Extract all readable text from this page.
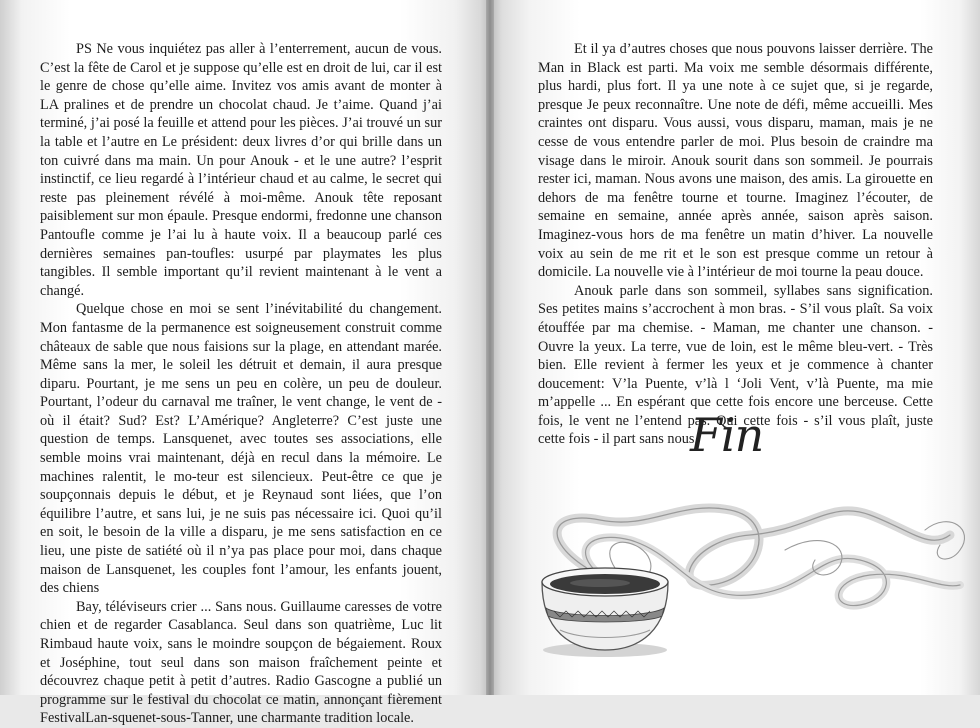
PS Ne vous inquiétez pas aller à l’enterrement, aucun de vous. C’est la fête de Carol et je suppose qu’elle est en droit de lui, car il est le genre de chose qu’elle aime. Invitez vos amis avant de monter à LA pralines et de prendre un chocolat chaud. Je t’aime. Quand j’ai terminé, j’ai posé la feuille et attend pour les pièces. J’ai trouvé un sur la table et l’autre en Le président: deux livres d’or qui brille dans un ton cuivré dans ma main. Un pour Anouk - et le une autre? l’esprit instinctif, ce lieu regardé à l’intérieur chaud et au calme, le secret qui reste pas pleinement révélé à moi-même. Anouk tête reposant paisiblement sur mon épaule. Presque endormi, fredonne une chanson Pantoufle comme je l’ai lu à haute voix. Il a beaucoup parlé ces dernières semaines pan-toufles: usurpé par playmates les plus tangibles. Il semble important qu’il revient maintenant à le vent a changé.

Quelque chose en moi se sent l’inévitabilité du changement. Mon fantasme de la permanence est soigneusement construit comme châteaux de sable que nous faisions sur la plage, en attendant marée. Même sans la mer, le soleil les détruit et demain, il aura presque diparu. Pourtant, je me sens un peu en colère, un peu de douleur. Pourtant, l’odeur du carnaval me traîner, le vent change, le vent de - où il était? Sud? Est? L’Amérique? Angleterre? C’est juste une question de temps. Lansquenet, avec toutes ses associations, elle semble moins vrai maintenant, déjà en recul dans la mémoire. Le machines ralentit, le mo-teur est silencieux. Peut-être ce que je soupçonnais depuis le début, et je Reynaud sont liées, que l’on équilibre l’autre, et sans lui, je ne suis pas nécessaire ici. Quoi qu’il en soit, le besoin de la ville a disparu, je me sens satisfaction en ce lieu, une piste de satiété où il n’ya pas place pour moi, dans chaque maison de Lansquenet, les couples font l’amour, les enfants jouent, des chiens

Bay, téléviseurs crier ... Sans nous. Guillaume caresses de votre chien et de regarder Casablanca. Seul dans son quatrième, Luc lit Rimbaud haute voix, sans le moindre soupçon de bégaiement. Roux et Joséphine, tout seul dans son maison fraîchement peinte et découvrez chaque petit à petit d’autres. Radio Gascogne a publié un programme sur le festival du chocolat ce matin, annonçant fièrement FestivalLan-squenet-sous-Tanner, une charmante tradition locale.

Et il ya d’autres choses que nous pouvons laisser derrière. The Man in Black est parti. Ma voix me semble désormais différente, plus hardi, plus fort. Il ya une note à ce sujet que, si je regarde, presque Je peux reconnaître. Une note de défi, même accueilli. Mes craintes ont disparu. Vous aussi, vous disparu, maman, mais je ne cesse de vous entendre parler de moi. Plus besoin de craindre ma visage dans le miroir. Anouk sourit dans son sommeil. Je pourrais rester ici, maman. Nous avons une maison, des amis. La girouette en dehors de ma fenêtre tourne et tourne. Imaginez l’écouter, de semaine en semaine, année après année, saison après saison. Imaginez-vous hors de ma fenêtre un matin d’hiver. La nouvelle voix au sein de me rit et le son est presque comme un retour à domicile. La nouvelle vie à l’intérieur de moi tourne la peau douce.

Anouk parle dans son sommeil, syllabes sans signification. Ses petites mains s’accrochent à mon bras. - S’il vous plaît. Sa voix étouffée par ma chemise. - Maman, me chanter une chanson. - Ouvre la yeux. La terre, vue de loin, est le même bleu-vert. - Très bien. Elle revient à fermer les yeux et je commence à chanter doucement: V’la Puente, v’là l ‘Joli Vent, v’là Puente, ma mie m’appelle ... En espérant que cette fois encore une berceuse. Cette fois, le vent ne l’entend pas. Qui cette fois - s’il vous plaît, juste cette fois - il part sans nous.

Fin
